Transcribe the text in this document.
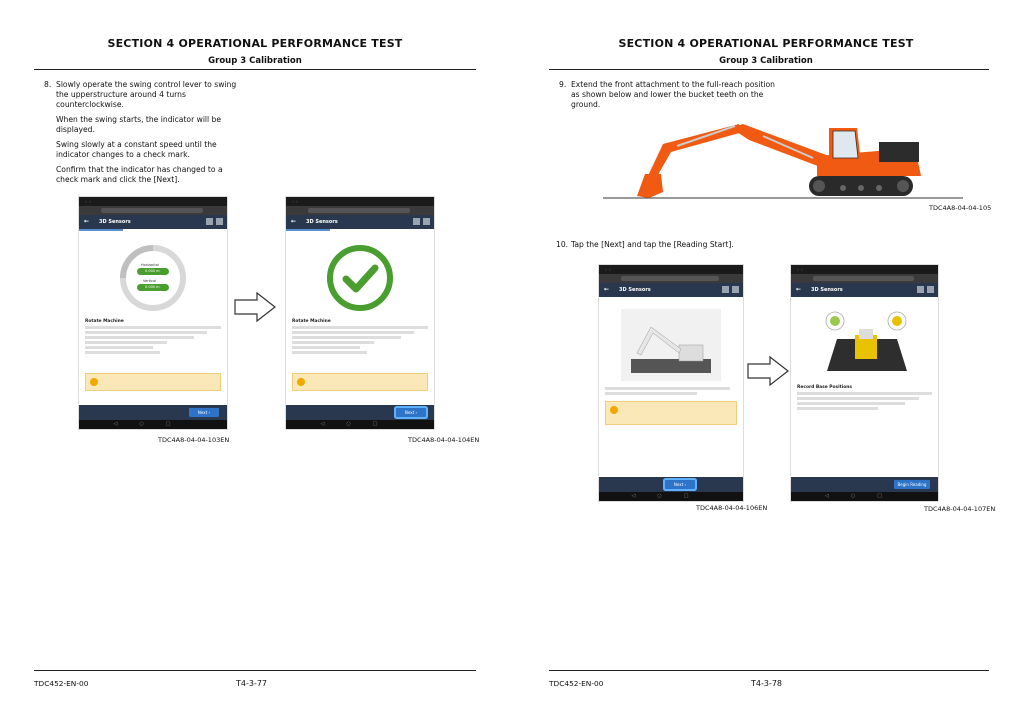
SECTION 4 OPERATIONAL PERFORMANCE TEST
Group 3 Calibration
8. Slowly operate the swing control lever to swing the upperstructure around 4 turns counterclockwise.

When the swing starts, the indicator will be displayed.

Swing slowly at a constant speed until the indicator changes to a check mark.

Confirm that the indicator has changed to a check mark and click the [Next].

◦ ◦
← 3D Sensors
Horizontal
0.000 m
Vertical
0.000 m
Rotate Machine

Next ›
◁○□
◦ ◦
← 3D Sensors
Rotate Machine

Next ›
◁○□
TDC4A8-04-04-103EN	TDC4A8-04-04-104EN
TDC452-EN-00	T4-3-77
SECTION 4 OPERATIONAL PERFORMANCE TEST
Group 3 Calibration
9. Extend the front attachment to the full-reach position as shown below and lower the bucket teeth on the ground.

TDC4A8-04-04-105
10. Tap the [Next] and tap the [Reading Start].

◦ ◦
← 3D Sensors
Next ›
◁○□
◦ ◦
← 3D Sensors
Record Base Positions

Begin Reading
◁○□
TDC4A8-04-04-106EN	TDC4A8-04-04-107EN
TDC452-EN-00	T4-3-78
